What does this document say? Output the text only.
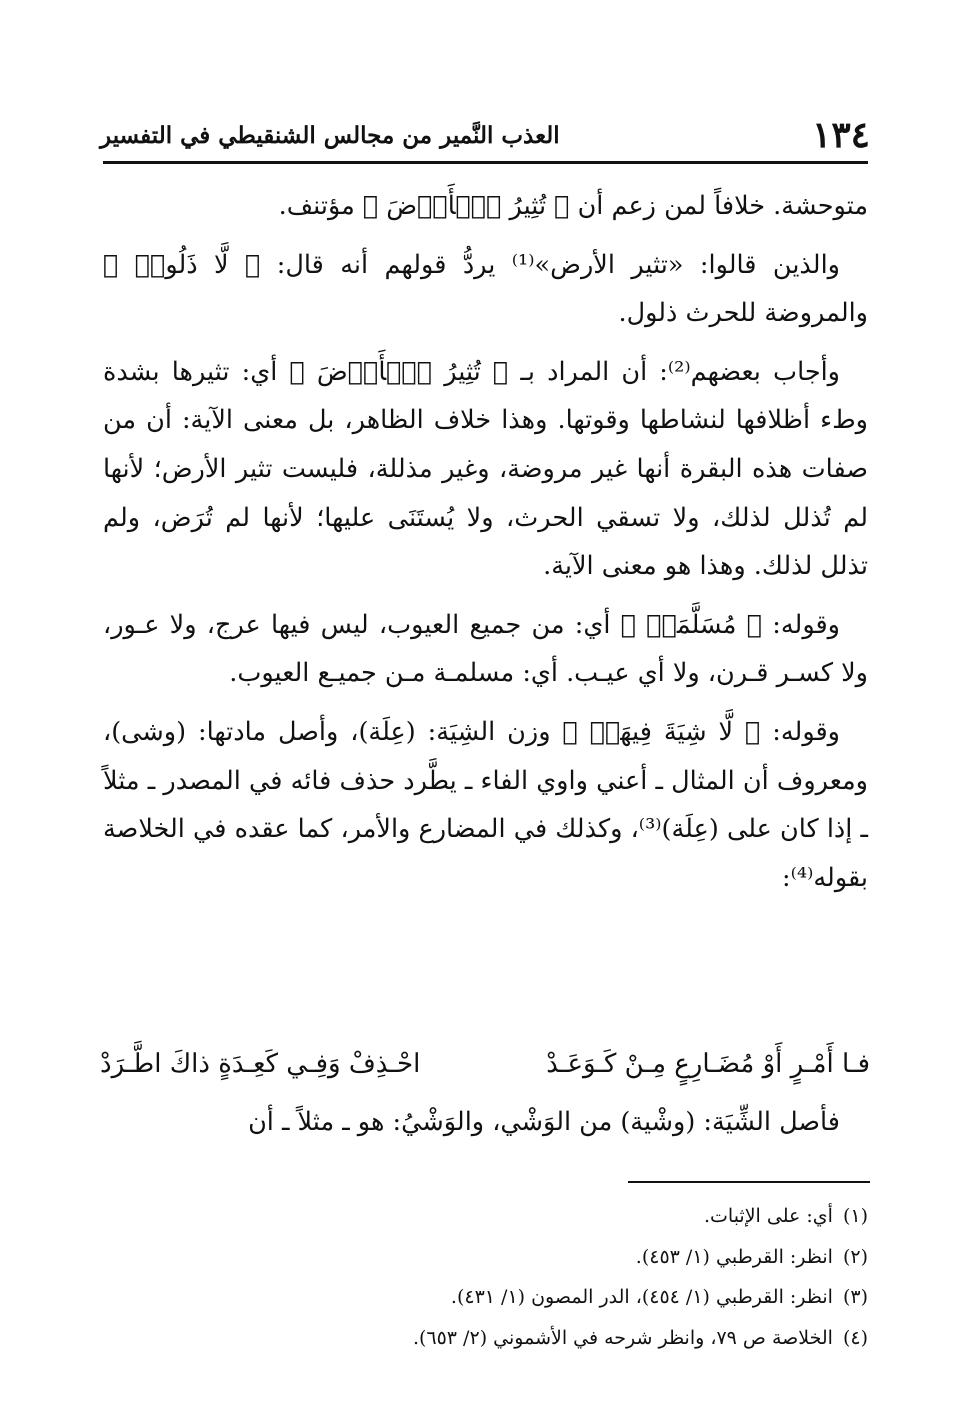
١٣٤
العذب النَّمير من مجالس الشنقيطي في التفسير

متوحشة. خلافاً لمن زعم أن ﴿ تُثِيرُ ٱلۡأَرۡضَ ﴾ مؤتنف.

والذين قالوا: «تثير الأرض»⁽¹⁾ يردُّ قولهم أنه قال: ﴿ لَّا ذَلُولٞ ﴾ والمروضة للحرث ذلول.

وأجاب بعضهم⁽²⁾: أن المراد بـ ﴿ تُثِيرُ ٱلۡأَرۡضَ ﴾ أي: تثيرها بشدة وطء أظلافها لنشاطها وقوتها. وهذا خلاف الظاهر، بل معنى الآية: أن من صفات هذه البقرة أنها غير مروضة، وغير مذللة، فليست تثير الأرض؛ لأنها لم تُذلل لذلك، ولا تسقي الحرث، ولا يُستَنَى عليها؛ لأنها لم تُرَض، ولم تذلل لذلك. وهذا هو معنى الآية.

وقوله: ﴿ مُسَلَّمَةٞ ﴾ أي: من جميع العيوب، ليس فيها عرج، ولا عـور، ولا كسـر قـرن، ولا أي عيـب. أي: مسلمـة مـن جميـع العيوب.

وقوله: ﴿ لَّا شِيَةَ فِيهَاۚ ﴾ وزن الشِيَة: (عِلَة)، وأصل مادتها: (وشى)، ومعروف أن المثال ـ أعني واوي الفاء ـ يطَّرد حذف فائه في المصدر ـ مثلاً ـ إذا كان على (عِلَة)⁽³⁾، وكذلك في المضارع والأمر، كما عقده في الخلاصة بقوله⁽⁴⁾:

فـا أَمْـرٍ أَوْ مُضَـارِعٍ مِـنْ كَـوَعَـدْ
احْـذِفْ وَفِـي كَعِـدَةٍ ذاكَ اطَّـرَدْ
فأصل الشِّيَة: (وشْية) من الوَشْي، والوَشْيُ: هو ـ مثلاً ـ أن
(١)أي: على الإثبات.
(٢)انظر: القرطبي (١/ ٤٥٣).
(٣)انظر: القرطبي (١/ ٤٥٤)، الدر المصون (١/ ٤٣١).
(٤)الخلاصة ص ٧٩، وانظر شرحه في الأشموني (٢/ ٦٥٣).
